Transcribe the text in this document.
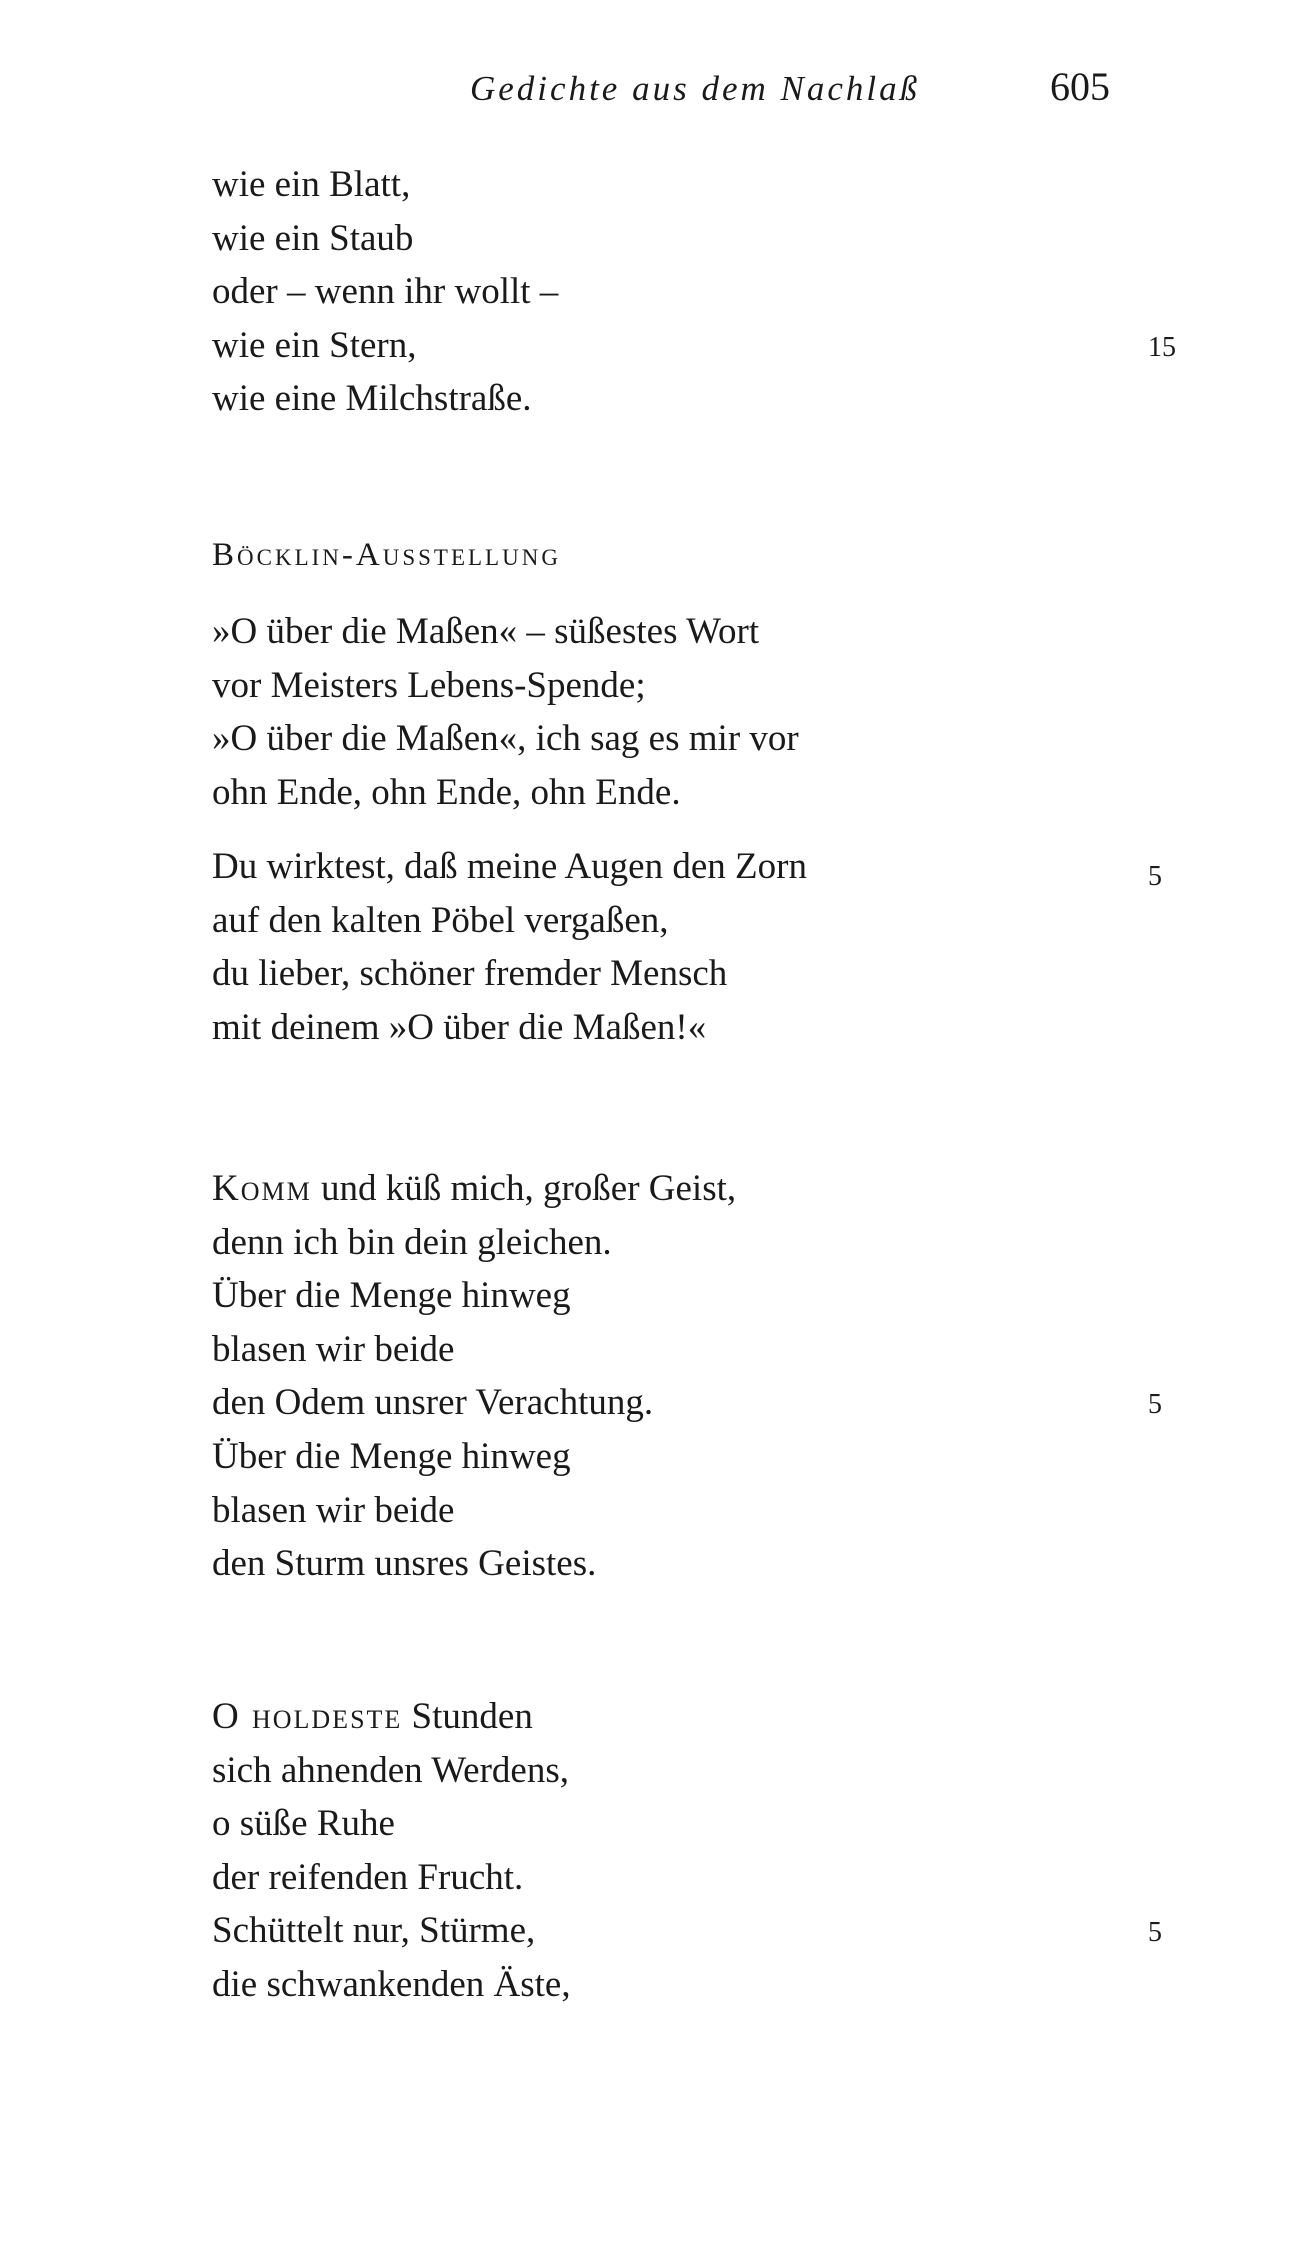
Gedichte aus dem Nachlaß	605
wie ein Blatt,
wie ein Staub
oder – wenn ihr wollt –
wie ein Stern,
wie eine Milchstraße.
15
Böcklin-Ausstellung
»O über die Maßen« – süßestes Wort
vor Meisters Lebens-Spende;
»O über die Maßen«, ich sag es mir vor
ohn Ende, ohn Ende, ohn Ende.
Du wirktest, daß meine Augen den Zorn
auf den kalten Pöbel vergaßen,
du lieber, schöner fremder Mensch
mit deinem »O über die Maßen!«
5
Komm und küß mich, großer Geist,
denn ich bin dein gleichen.
Über die Menge hinweg
blasen wir beide
den Odem unsrer Verachtung.
Über die Menge hinweg
blasen wir beide
den Sturm unsres Geistes.
5
O holdeste Stunden
sich ahnenden Werdens,
o süße Ruhe
der reifenden Frucht.
Schüttelt nur, Stürme,
die schwankenden Äste,
5
